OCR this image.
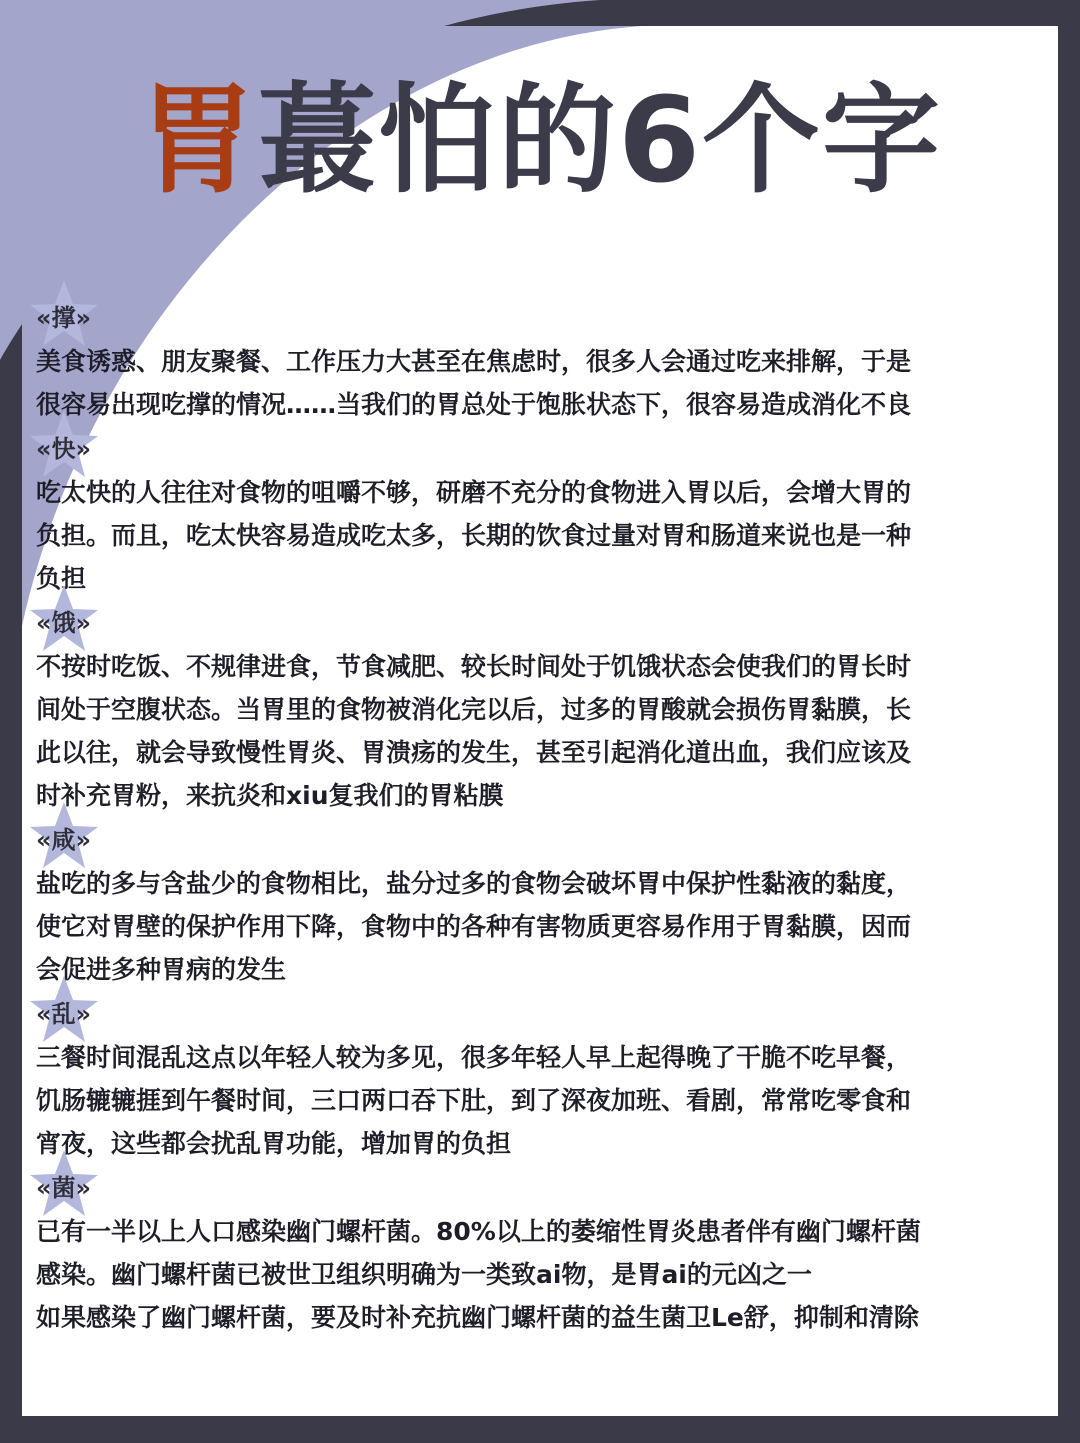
胃蕞怕的6个字
«撑»

美食诱惑、朋友聚餐、工作压力大甚至在焦虑时，很多人会通过吃来排解，于是
很容易出现吃撑的情况……当我们的胃总处于饱胀状态下，很容易造成消化不良

«快»

吃太快的人往往对食物的咀嚼不够，研磨不充分的食物进入胃以后，会增大胃的
负担。而且，吃太快容易造成吃太多，长期的饮食过量对胃和肠道来说也是一种
负担

«饿»

不按时吃饭、不规律进食，节食减肥、较长时间处于饥饿状态会使我们的胃长时
间处于空腹状态。当胃里的食物被消化完以后，过多的胃酸就会损伤胃黏膜，长
此以往，就会导致慢性胃炎、胃溃疡的发生，甚至引起消化道出血，我们应该及
时补充胃粉，来抗炎和xiu复我们的胃粘膜

«咸»

盐吃的多与含盐少的食物相比，盐分过多的食物会破坏胃中保护性黏液的黏度，
使它对胃壁的保护作用下降，食物中的各种有害物质更容易作用于胃黏膜，因而
会促进多种胃病的发生

«乱»

三餐时间混乱这点以年轻人较为多见，很多年轻人早上起得晚了干脆不吃早餐，
饥肠辘辘捱到午餐时间，三口两口吞下肚，到了深夜加班、看剧，常常吃零食和
宵夜，这些都会扰乱胃功能，增加胃的负担

«菌»

已有一半以上人口感染幽门螺杆菌。80%以上的萎缩性胃炎患者伴有幽门螺杆菌
感染。幽门螺杆菌已被世卫组织明确为一类致ai物，是胃ai的元凶之一
如果感染了幽门螺杆菌，要及时补充抗幽门螺杆菌的益生菌卫Le舒，抑制和清除
